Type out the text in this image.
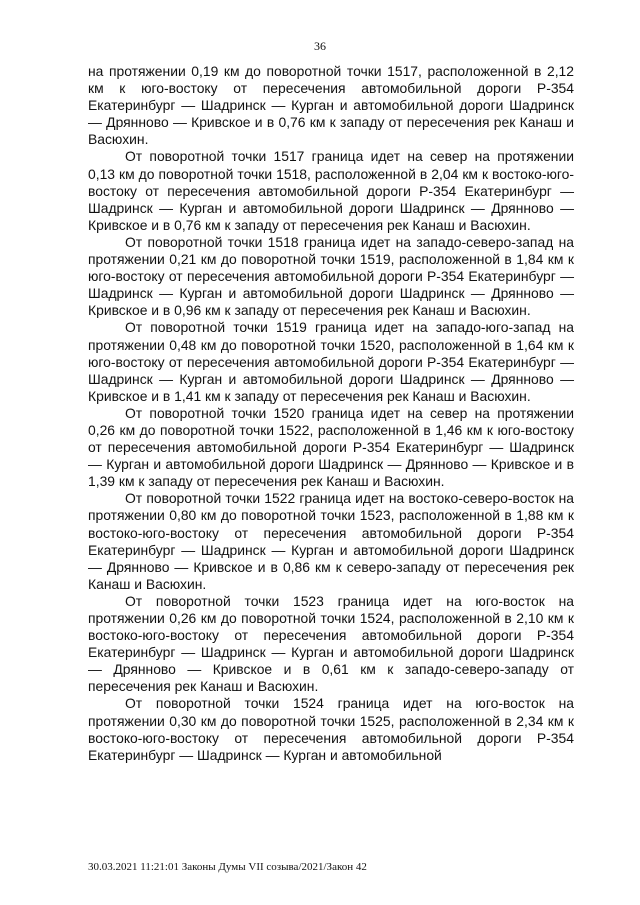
36

на протяжении 0,19 км до поворотной точки 1517, расположенной в 2,12 км к юго-востоку от пересечения автомобильной дороги Р-354 Екатеринбург — Шадринск — Курган и автомобильной дороги Шадринск — Дрянново — Кривское и в 0,76 км к западу от пересечения рек Канаш и Васюхин.

От поворотной точки 1517 граница идет на север на протяжении 0,13 км до поворотной точки 1518, расположенной в 2,04 км к востоко-юго-востоку от пересечения автомобильной дороги Р-354 Екатеринбург — Шадринск — Курган и автомобильной дороги Шадринск — Дрянново — Кривское и в 0,76 км к западу от пересечения рек Канаш и Васюхин.

От поворотной точки 1518 граница идет на западо-северо-запад на протяжении 0,21 км до поворотной точки 1519, расположенной в 1,84 км к юго-востоку от пересечения автомобильной дороги Р-354 Екатеринбург — Шадринск — Курган и автомобильной дороги Шадринск — Дрянново — Кривское и в 0,96 км к западу от пересечения рек Канаш и Васюхин.

От поворотной точки 1519 граница идет на западо-юго-запад на протяжении 0,48 км до поворотной точки 1520, расположенной в 1,64 км к юго-востоку от пересечения автомобильной дороги Р-354 Екатеринбург — Шадринск — Курган и автомобильной дороги Шадринск — Дрянново — Кривское и в 1,41 км к западу от пересечения рек Канаш и Васюхин.

От поворотной точки 1520 граница идет на север на протяжении 0,26 км до поворотной точки 1522, расположенной в 1,46 км к юго-востоку от пересечения автомобильной дороги Р-354 Екатеринбург — Шадринск — Курган и автомобильной дороги Шадринск — Дрянново — Кривское и в 1,39 км к западу от пересечения рек Канаш и Васюхин.

От поворотной точки 1522 граница идет на востоко-северо-восток на протяжении 0,80 км до поворотной точки 1523, расположенной в 1,88 км к востоко-юго-востоку от пересечения автомобильной дороги Р-354 Екатеринбург — Шадринск — Курган и автомобильной дороги Шадринск — Дрянново — Кривское и в 0,86 км к северо-западу от пересечения рек Канаш и Васюхин.

От поворотной точки 1523 граница идет на юго-восток на протяжении 0,26 км до поворотной точки 1524, расположенной в 2,10 км к востоко-юго-востоку от пересечения автомобильной дороги Р-354 Екатеринбург — Шадринск — Курган и автомобильной дороги Шадринск — Дрянново — Кривское и в 0,61 км к западо-северо-западу от пересечения рек Канаш и Васюхин.

От поворотной точки 1524 граница идет на юго-восток на протяжении 0,30 км до поворотной точки 1525, расположенной в 2,34 км к востоко-юго-востоку от пересечения автомобильной дороги Р-354 Екатеринбург — Шадринск — Курган и автомобильной

30.03.2021 11:21:01 Законы Думы VII созыва/2021/Закон 42
